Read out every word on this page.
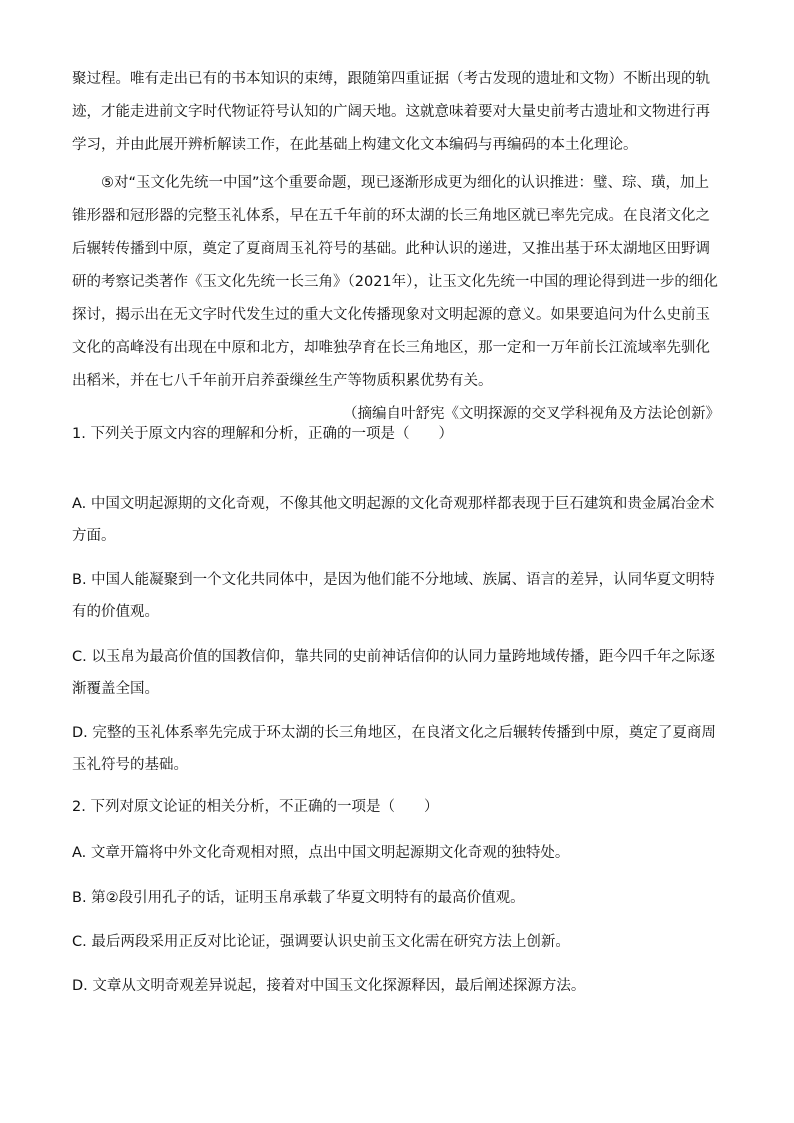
聚过程。唯有走出已有的书本知识的束缚，跟随第四重证据（考古发现的遗址和文物）不断出现的轨迹，才能走进前文字时代物证符号认知的广阔天地。这就意味着要对大量史前考古遗址和文物进行再学习，并由此展开辨析解读工作，在此基础上构建文化文本编码与再编码的本土化理论。

⑤对“玉文化先统一中国”这个重要命题，现已逐渐形成更为细化的认识推进：璧、琮、璜，加上锥形器和冠形器的完整玉礼体系，早在五千年前的环太湖的长三角地区就已率先完成。在良渚文化之后辗转传播到中原，奠定了夏商周玉礼符号的基础。此种认识的递进，又推出基于环太湖地区田野调研的考察记类著作《玉文化先统一长三角》（2021年），让玉文化先统一中国的理论得到进一步的细化探讨，揭示出在无文字时代发生过的重大文化传播现象对文明起源的意义。如果要追问为什么史前玉文化的高峰没有出现在中原和北方，却唯独孕育在长三角地区，那一定和一万年前长江流域率先驯化出稻米，并在七八千年前开启养蚕缫丝生产等物质积累优势有关。

（摘编自叶舒宪《文明探源的交叉学科视角及方法论创新》

1. 下列关于原文内容的理解和分析，正确的一项是（　　）

A. 中国文明起源期的文化奇观，不像其他文明起源的文化奇观那样都表现于巨石建筑和贵金属冶金术方面。

B. 中国人能凝聚到一个文化共同体中，是因为他们能不分地域、族属、语言的差异，认同华夏文明特有的价值观。

C. 以玉帛为最高价值的国教信仰，靠共同的史前神话信仰的认同力量跨地域传播，距今四千年之际逐渐覆盖全国。

D. 完整的玉礼体系率先完成于环太湖的长三角地区，在良渚文化之后辗转传播到中原，奠定了夏商周玉礼符号的基础。

2. 下列对原文论证的相关分析，不正确的一项是（　　）

A. 文章开篇将中外文化奇观相对照，点出中国文明起源期文化奇观的独特处。

B. 第②段引用孔子的话，证明玉帛承载了华夏文明特有的最高价值观。

C. 最后两段采用正反对比论证，强调要认识史前玉文化需在研究方法上创新。

D. 文章从文明奇观差异说起，接着对中国玉文化探源释因，最后阐述探源方法。
